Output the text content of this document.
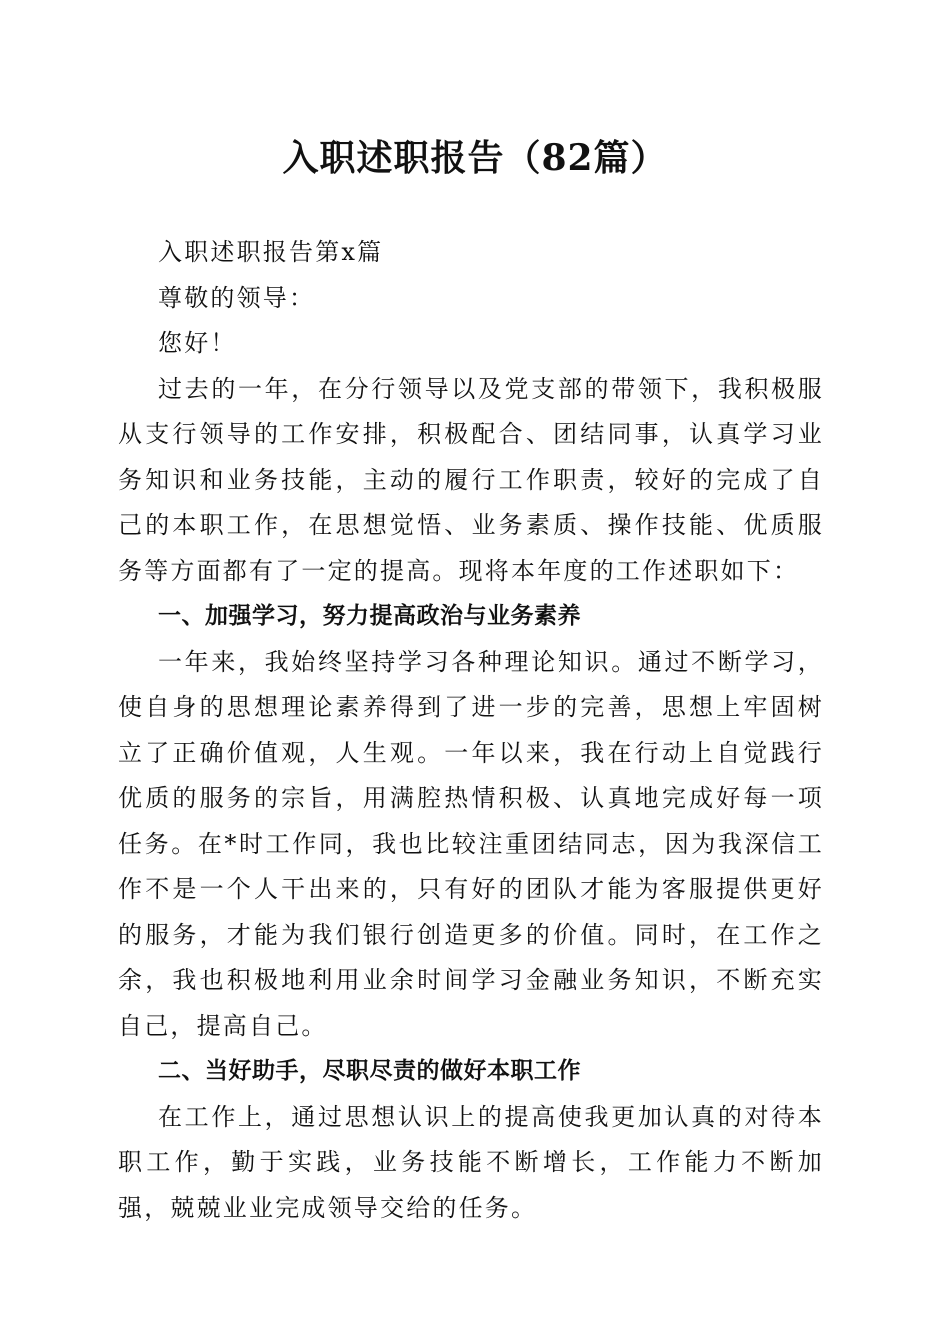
入职述职报告（82篇）

入职述职报告第x篇

尊敬的领导：

您好！

过去的一年，在分行领导以及党支部的带领下，我积极服从支行领导的工作安排，积极配合、团结同事，认真学习业务知识和业务技能，主动的履行工作职责，较好的完成了自己的本职工作，在思想觉悟、业务素质、操作技能、优质服务等方面都有了一定的提高。现将本年度的工作述职如下：

一、加强学习，努力提高政治与业务素养

一年来，我始终坚持学习各种理论知识。通过不断学习，使自身的思想理论素养得到了进一步的完善，思想上牢固树立了正确价值观，人生观。一年以来，我在行动上自觉践行优质的服务的宗旨，用满腔热情积极、认真地完成好每一项任务。在*时工作同，我也比较注重团结同志，因为我深信工作不是一个人干出来的，只有好的团队才能为客服提供更好的服务，才能为我们银行创造更多的价值。同时，在工作之余，我也积极地利用业余时间学习金融业务知识，不断充实自己，提高自己。

二、当好助手，尽职尽责的做好本职工作

在工作上，通过思想认识上的提高使我更加认真的对待本职工作，勤于实践，业务技能不断增长，工作能力不断加强，兢兢业业完成领导交给的任务。
